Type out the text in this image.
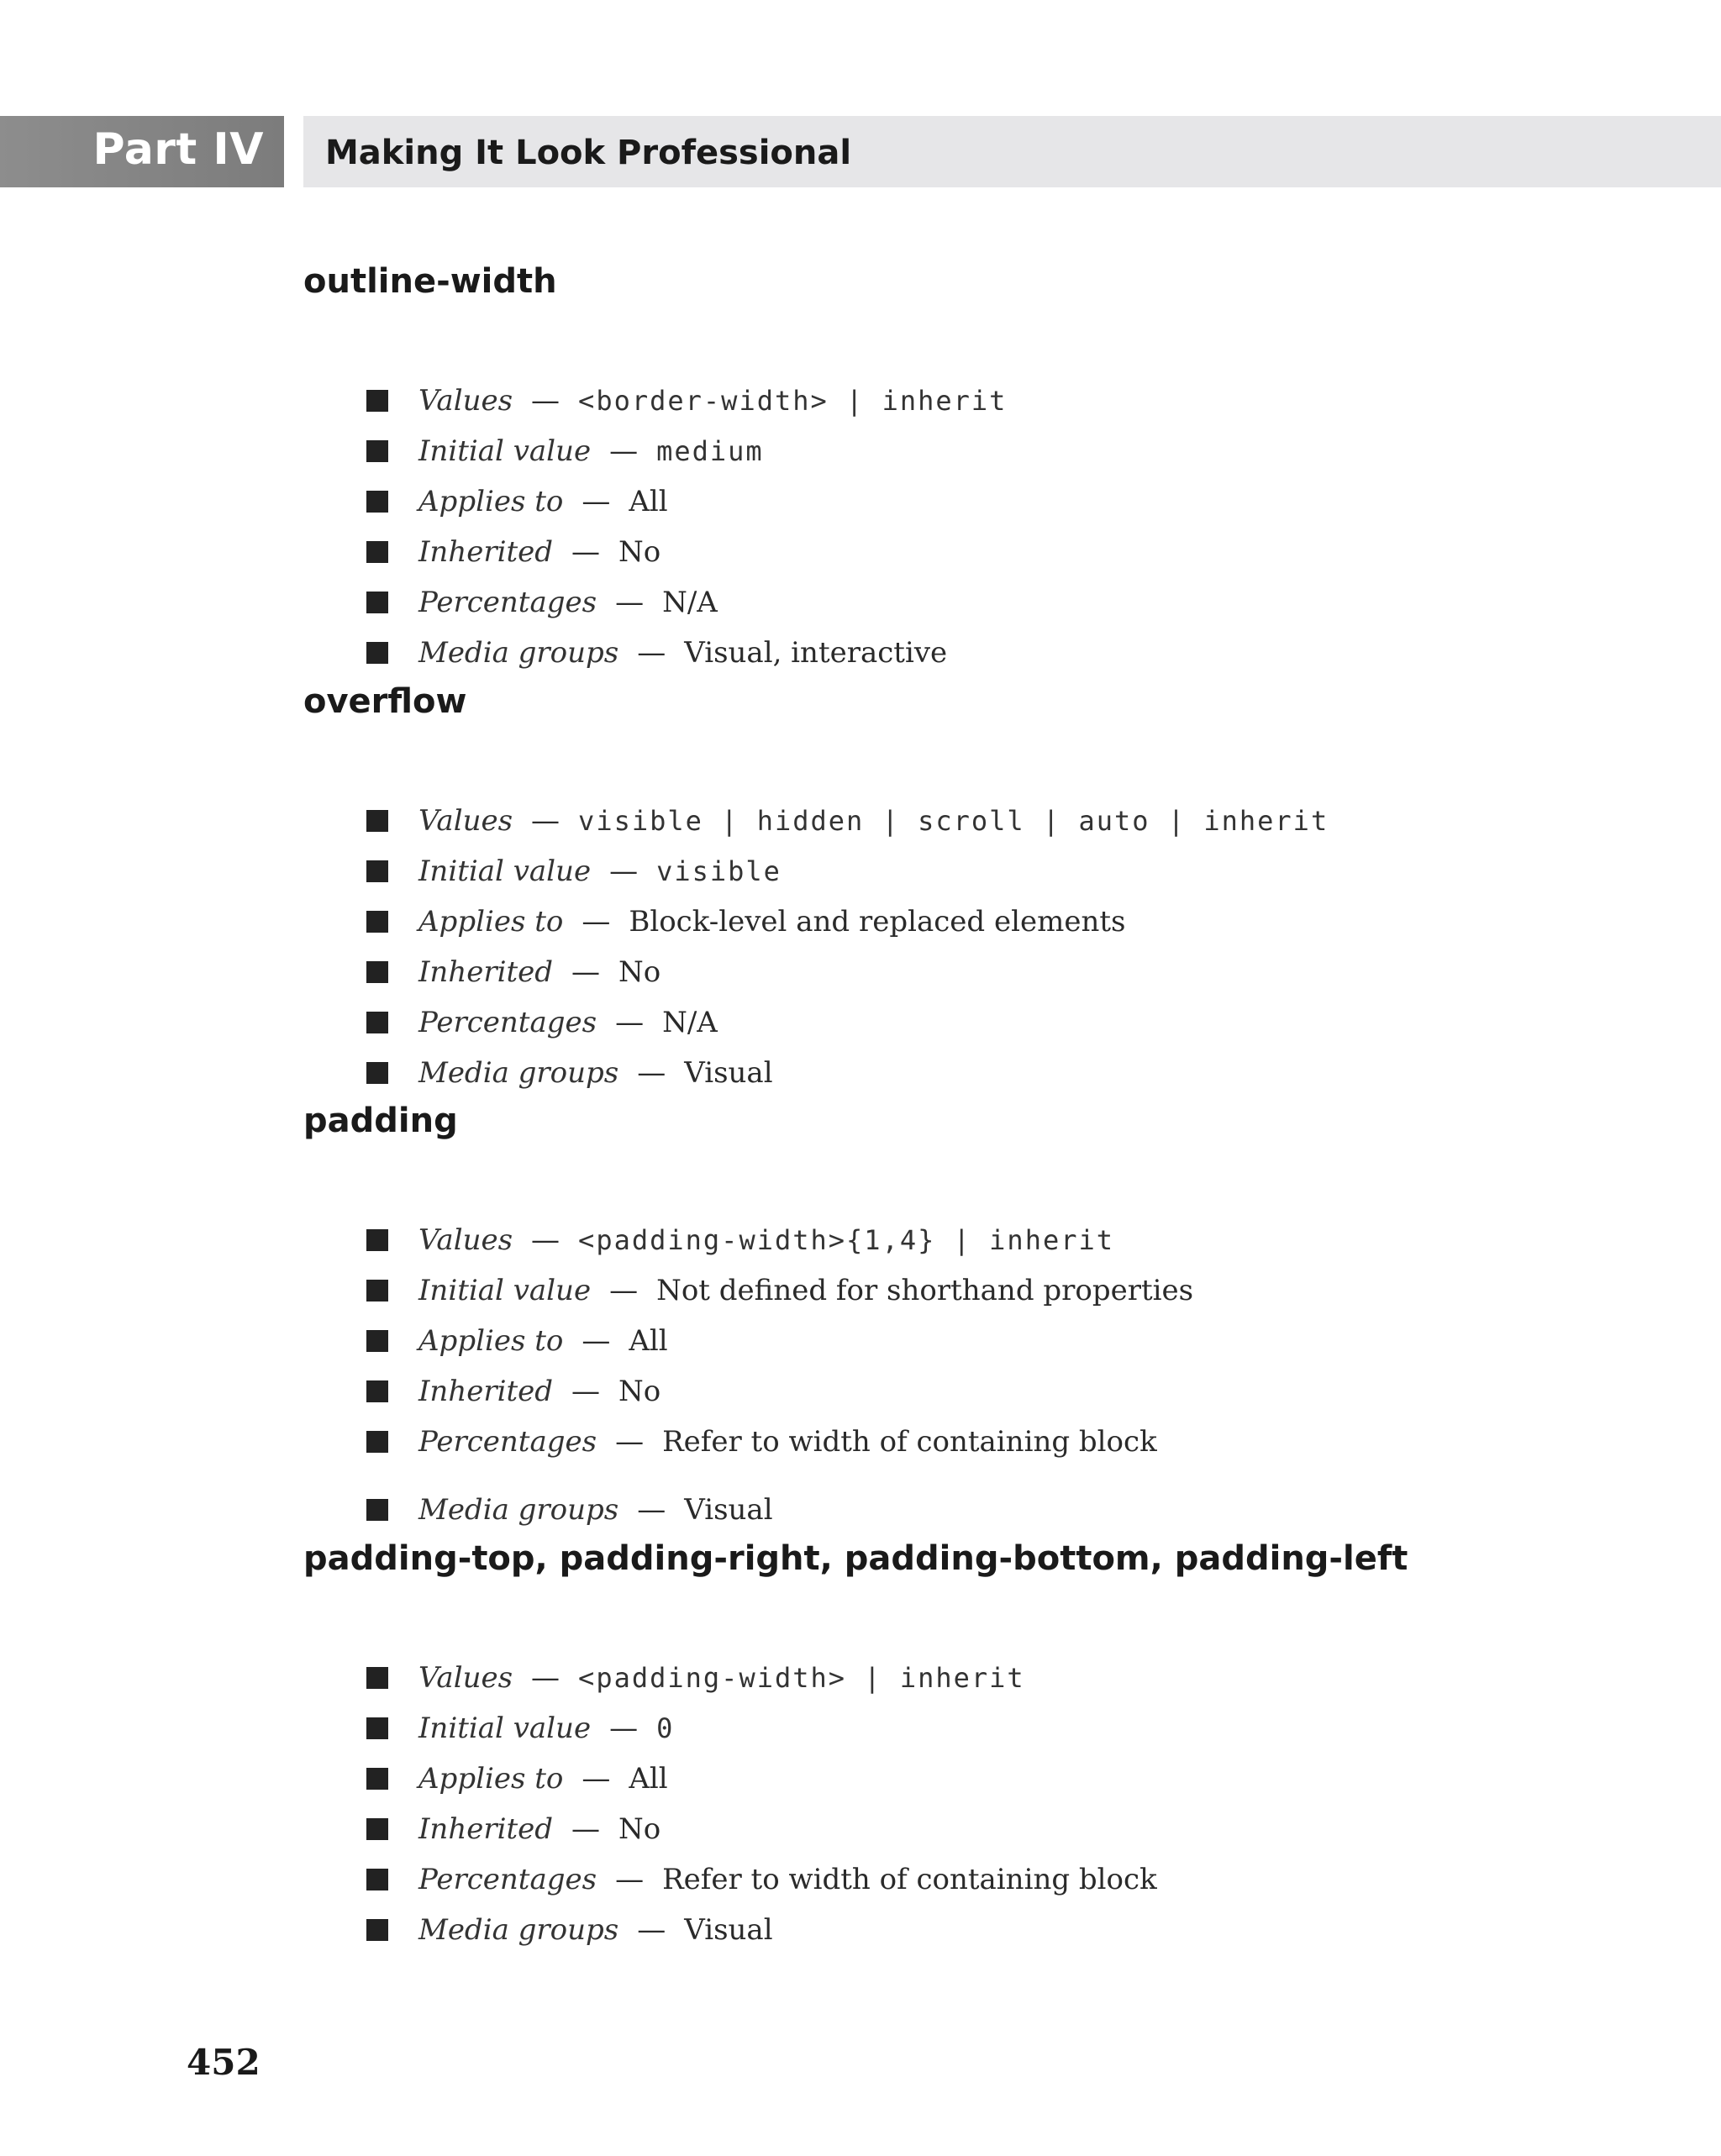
Part IV Making It Look Professional
outline-width
Values — <border-width> | inherit
Initial value — medium
Applies to — All
Inherited — No
Percentages — N/A
Media groups — Visual, interactive
overflow
Values — visible | hidden | scroll | auto | inherit
Initial value — visible
Applies to — Block-level and replaced elements
Inherited — No
Percentages — N/A
Media groups — Visual
padding
Values — <padding-width>{1,4} | inherit
Initial value — Not defined for shorthand properties
Applies to — All
Inherited — No
Percentages — Refer to width of containing block
Media groups — Visual
padding-top, padding-right, padding-bottom, padding-left
Values — <padding-width> | inherit
Initial value — 0
Applies to — All
Inherited — No
Percentages — Refer to width of containing block
Media groups — Visual
452
